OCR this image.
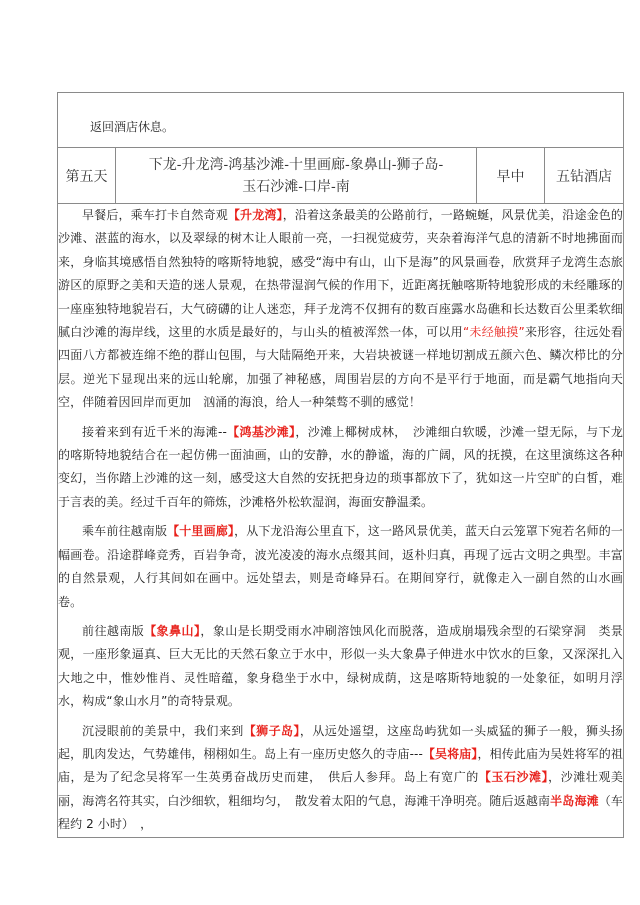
返回酒店休息。

第五天	
下龙-升龙湾-鸿基沙滩-十里画廊-象鼻山-狮子岛-
玉石沙滩-口岸-南
	早中	五钻酒店

早餐后，乘车打卡自然奇观【升龙湾】，沿着这条最美的公路前行，一路蜿蜒，风景优美，沿途金色的沙滩、湛蓝的海水，以及翠绿的树木让人眼前一亮，一扫视觉疲劳，夹杂着海洋气息的清新不时地拂面而来，身临其境感悟自然独特的喀斯特地貌，感受“海中有山，山下是海”的风景画卷，欣赏拜子龙湾生态旅游区的原野之美和天造的迷人景观，在热带湿润气候的作用下，近距离抚触喀斯特地貌形成的未经雕琢的一座座独特地貌岩石，大气磅礴的让人迷恋，拜子龙湾不仅拥有的数百座露水岛礁和长达数百公里柔软细腻白沙滩的海岸线，这里的水质是最好的，与山头的植被浑然一体，可以用“未经触摸”来形容，往远处看四面八方都被连绵不绝的群山包围，与大陆隔绝开来，大岩块被谜一样地切割成五颜六色、鳞次栉比的分层。逆光下显现出来的远山轮廓，加强了神秘感，周围岩层的方向不是平行于地面，而是霸气地指向天空，伴随着因回岸而更加　汹涌的海浪，给人一种桀骜不驯的感觉！

接着来到有近千米的海滩--【鸿基沙滩】，沙滩上椰树成林，　沙滩细白软暖，沙滩一望无际，与下龙的喀斯特地貌结合在一起仿佛一面油画，山的安静，水的静谧，海的广阔，风的抚摸，在这里演练这各种变幻，当你踏上沙滩的这一刻，感受这大自然的安抚把身边的琐事都放下了，犹如这一片空旷的白皙，难于言表的美。经过千百年的筛炼，沙滩格外松软湿润，海面安静温柔。

乘车前往越南版【十里画廊】，从下龙沿海公里直下，这一路风景优美，蓝天白云笼罩下宛若名师的一幅画卷。沿途群峰竞秀，百岩争奇，波光凌凌的海水点缀其间，返朴归真，再现了远古文明之典型。丰富的自然景观，人行其间如在画中。远处望去，则是奇峰异石。在期间穿行，就像走入一副自然的山水画卷。

前往越南版【象鼻山】，象山是长期受雨水冲刷溶蚀风化而脱落，造成崩塌残余型的石梁穿洞　类景观，一座形象逼真、巨大无比的天然石象立于水中，形似一头大象鼻子伸进水中饮水的巨象，又深深扎入大地之中，惟妙惟肖、灵性暗蕴，象身稳坐于水中，绿树成荫，这是喀斯特地貌的一处象征，如明月浮水，构成“象山水月”的奇特景观。

沉浸眼前的美景中，我们来到【狮子岛】，从远处遥望，这座岛屿犹如一头威猛的狮子一般，狮头扬起，肌肉发达，气势雄伟，栩栩如生。岛上有一座历史悠久的寺庙---【吴将庙】，相传此庙为吴姓将军的祖庙，是为了纪念吴将军一生英勇奋战历史而建，　供后人参拜。岛上有宽广的【玉石沙滩】，沙滩壮观美丽，海湾名符其实，白沙细软，粗细均匀，　散发着太阳的气息，海滩干净明亮。随后返越南半岛海滩（车程约 2 小时）　，
